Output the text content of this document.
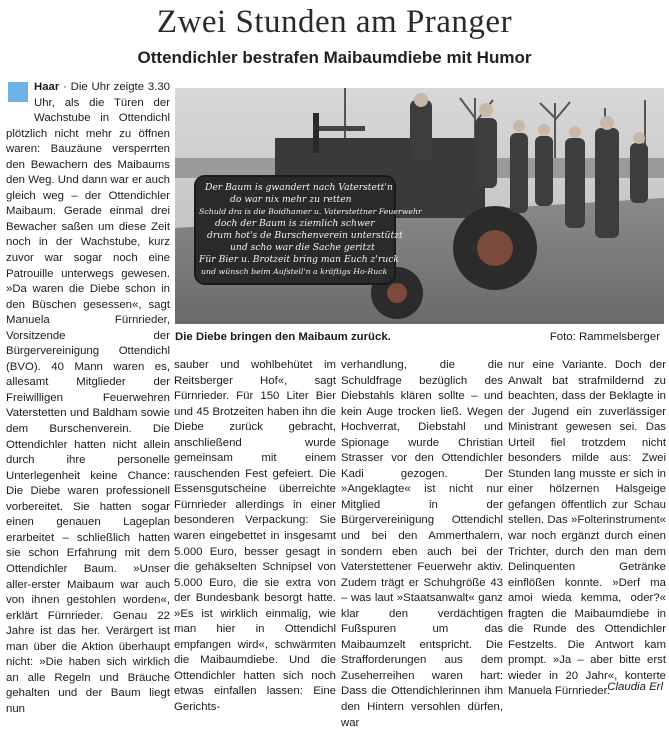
Zwei Stunden am Pranger
Ottendichler bestrafen Maibaumdiebe mit Humor

Haar · Die Uhr zeigte 3.30 Uhr, als die Türen der Wachstube in Ottendichl plötzlich nicht mehr zu öffnen waren: Bauzäune versperrten den Bewachern des Maibaums den Weg. Und dann war er auch gleich weg – der Ottendichler Maibaum. Gerade einmal drei Bewacher saßen um diese Zeit noch in der Wachstube, kurz zuvor war sogar noch eine Patrouille unterwegs gewesen. »Da waren die Diebe schon in den Büschen gesessen«, sagt Manuela Fürnrieder, Vorsitzende der Bürgervereinigung Ottendichl (BVO). 40 Mann waren es, allesamt Mitglieder der Freiwilligen Feuerwehren Vaterstetten und Baldham sowie dem Burschenverein. Die Ottendichler hatten nicht allein durch ihre personelle Unterlegenheit keine Chance: Die Diebe waren professionell vorbereitet. Sie hatten sogar einen genauen Lageplan erarbeitet – schließlich hatten sie schon Erfahrung mit dem Ottendichler Baum. »Unser aller-erster Maibaum war auch von ihnen gestohlen worden«, erklärt Fürnrieder. Genau 22 Jahre ist das her. Verärgert ist man über die Aktion überhaupt nicht: »Die haben sich wirklich an alle Regeln und Bräuche gehalten und der Baum liegt nun

Der Baum is gwandert nach Vaterstett'n
do war nix mehr zu retten
Schuld dra is die Boidhamer u. Vaterstettner Feuerwehr
doch der Baum is ziemlich schwer
drum hot's de Burschenverein unterstützt
und scho war die Sache geritzt
Für Bier u. Brotzeit bring man Euch z'ruck
und wünsch beim Aufstell'n a kräftigs Ho-Ruck
Die Diebe bringen den Maibaum zurück.	Foto: Rammelsberger

sauber und wohlbehütet im Reitsberger Hof«, sagt Fürnrieder. Für 150 Liter Bier und 45 Brotzeiten haben ihn die Diebe zurück gebracht, anschließend wurde gemeinsam mit einem rauschenden Fest gefeiert. Die Essensgutscheine überreichte Fürnrieder allerdings in einer besonderen Verpackung: Sie waren eingebettet in insgesamt 5.000 Euro, besser gesagt in die gehäkselten Schnipsel von 5.000 Euro, die sie extra von der Bundesbank besorgt hatte. »Es ist wirklich einmalig, wie man hier in Ottendichl empfangen wird«, schwärmten die Maibaumdiebe. Und die Ottendichler hatten sich noch etwas einfallen lassen: Eine Gerichts-

verhandlung, die die Schuldfrage bezüglich des Diebstahls klären sollte – und kein Auge trocken ließ. Wegen Hochverrat, Diebstahl und Spionage wurde Christian Strasser vor den Ottendichler Kadi gezogen. Der »Angeklagte« ist nicht nur Mitglied in der Bürgervereinigung Ottendichl und bei den Ammerthalern, sondern eben auch bei der Vaterstettener Feuerwehr aktiv. Zudem trägt er Schuhgröße 43 – was laut »Staatsanwalt« ganz klar den verdächtigen Fußspuren um das Maibaumzelt entspricht. Die Strafforderungen aus dem Zuseherreihen waren hart: Dass die Ottendichlerinnen ihm den Hintern versohlen dürfen, war

nur eine Variante. Doch der Anwalt bat strafmildernd zu beachten, dass der Beklagte in der Jugend ein zuverlässiger Ministrant gewesen sei. Das Urteil fiel trotzdem nicht besonders milde aus: Zwei Stunden lang musste er sich in einer hölzernen Halsgeige gefangen öffentlich zur Schau stellen. Das »Folterinstrument« war noch ergänzt durch einen Trichter, durch den man dem Delinquenten Getränke einflößen konnte. »Derf ma amoi wieda kemma, oder?« fragten die Maibaumdiebe in die Runde des Ottendichler Festzelts. Die Antwort kam prompt. »Ja – aber bitte erst wieder in 20 Jahr«, konterte Manuela Fürnrieder.

Claudia Erl
